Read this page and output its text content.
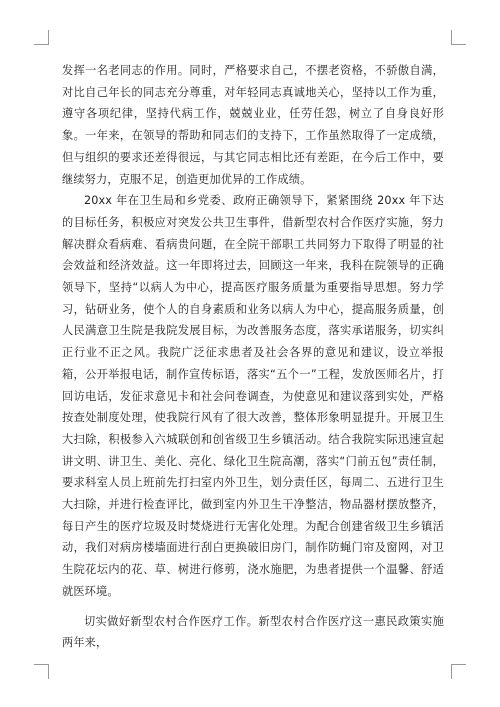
发挥一名老同志的作用。同时，严格要求自己，不摆老资格，不骄傲自满，对比自己年长的同志充分尊重，对年轻同志真诚地关心，坚持以工作为重，遵守各项纪律，坚持代病工作，兢兢业业，任劳任怨，树立了自身良好形象。一年来，在领导的帮助和同志们的支持下，工作虽然取得了一定成绩，但与组织的要求还差得很远，与其它同志相比还有差距，在今后工作中，要继续努力，克服不足，创造更加优异的工作成绩。

20xx 年在卫生局和乡党委、政府正确领导下，紧紧围绕 20xx 年下达的目标任务，积极应对突发公共卫生事件，借新型农村合作医疗实施，努力解决群众看病难、看病贵问题，在全院干部职工共同努力下取得了明显的社会效益和经济效益。这一年即将过去，回顾这一年来，我科在院领导的正确领导下，坚持“以病人为中心，提高医疗服务质量为重要指导思想。努力学习，钻研业务，使个人的自身素质和业务以病人为中心，提高服务质量，创人民满意卫生院是我院发展目标，为改善服务态度，落实承诺服务，切实纠正行业不正之风。我院广泛征求患者及社会各界的意见和建议，设立举报箱，公开举报电话，制作宣传标语，落实“五个一”工程，发放医师名片，打回访电话，发征求意见卡和社会问卷调查，为使意见和建议落到实处，严格按查处制度处理，使我院行风有了很大改善，整体形象明显提升。开展卫生大扫除，积极参入六城联创和创省级卫生乡镇活动。结合我院实际迅速宣起讲文明、讲卫生、美化、亮化、绿化卫生院高潮，落实“门前五包”责任制，要求科室人员上班前先打扫室内外卫生，划分责任区，每周二、五进行卫生大扫除，并进行检查评比，做到室内外卫生干净整洁，物品器材摆放整齐，每日产生的医疗垃圾及时焚烧进行无害化处理。为配合创建省级卫生乡镇活动，我们对病房楼墙面进行刮白更换破旧房门，制作防蝇门帘及窗网，对卫生院花坛内的花、草、树进行修剪，浇水施肥，为患者提供一个温馨、舒适就医环境。

切实做好新型农村合作医疗工作。新型农村合作医疗这一惠民政策实施两年来，
